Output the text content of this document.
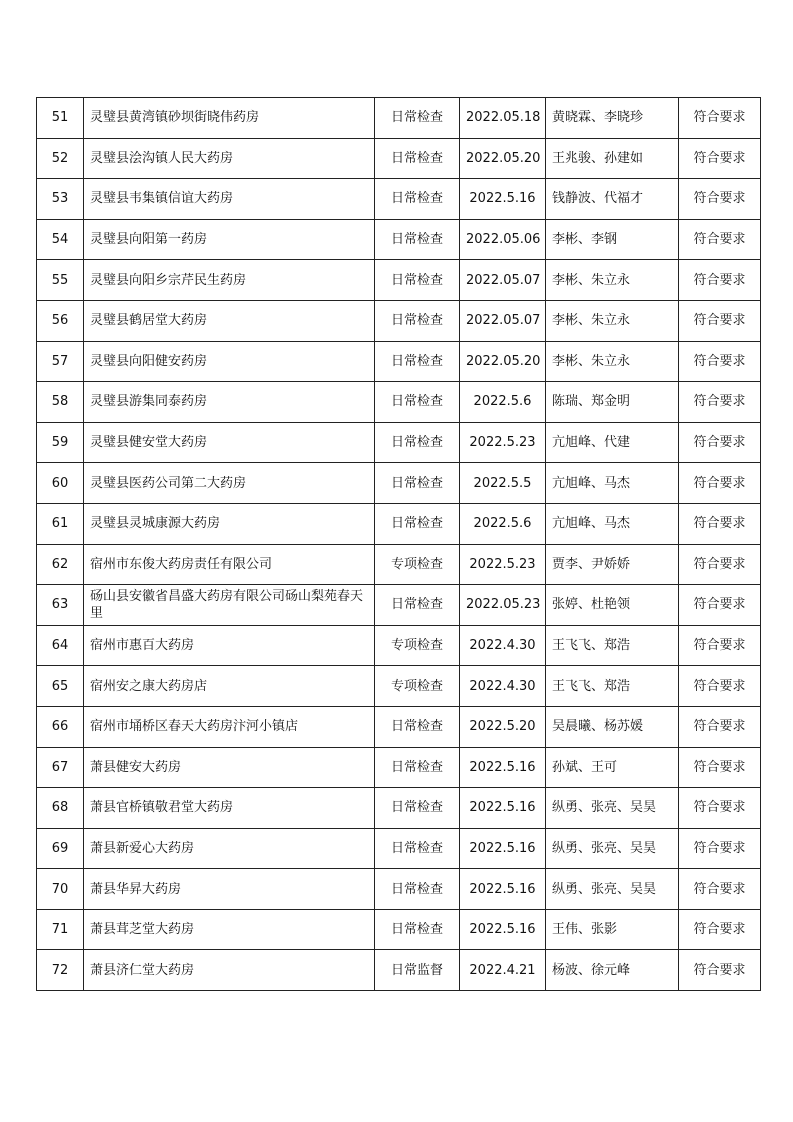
51	灵璧县黄湾镇砂坝街晓伟药房	日常检查	2022.05.18	黄晓霖、李晓珍	符合要求
52	灵璧县浍沟镇人民大药房	日常检查	2022.05.20	王兆骏、孙建如	符合要求
53	灵璧县韦集镇信谊大药房	日常检查	2022.5.16	钱静波、代福才	符合要求
54	灵璧县向阳第一药房	日常检查	2022.05.06	李彬、李钢	符合要求
55	灵璧县向阳乡宗芹民生药房	日常检查	2022.05.07	李彬、朱立永	符合要求
56	灵璧县鹤居堂大药房	日常检查	2022.05.07	李彬、朱立永	符合要求
57	灵璧县向阳健安药房	日常检查	2022.05.20	李彬、朱立永	符合要求
58	灵璧县游集同泰药房	日常检查	2022.5.6	陈瑞、郑金明	符合要求
59	灵璧县健安堂大药房	日常检查	2022.5.23	亢旭峰、代建	符合要求
60	灵璧县医药公司第二大药房	日常检查	2022.5.5	亢旭峰、马杰	符合要求
61	灵璧县灵城康源大药房	日常检查	2022.5.6	亢旭峰、马杰	符合要求
62	宿州市东俊大药房责任有限公司	专项检查	2022.5.23	贾李、尹娇娇	符合要求
63	砀山县安徽省昌盛大药房有限公司砀山梨苑春天里	日常检查	2022.05.23	张婷、杜艳领	符合要求
64	宿州市惠百大药房	专项检查	2022.4.30	王飞飞、郑浩	符合要求
65	宿州安之康大药房店	专项检查	2022.4.30	王飞飞、郑浩	符合要求
66	宿州市埇桥区春天大药房汴河小镇店	日常检查	2022.5.20	吴晨曦、杨苏媛	符合要求
67	萧县健安大药房	日常检查	2022.5.16	孙斌、王可	符合要求
68	萧县官桥镇敬君堂大药房	日常检查	2022.5.16	纵勇、张亮、吴昊	符合要求
69	萧县新爱心大药房	日常检查	2022.5.16	纵勇、张亮、吴昊	符合要求
70	萧县华昇大药房	日常检查	2022.5.16	纵勇、张亮、吴昊	符合要求
71	萧县茸芝堂大药房	日常检查	2022.5.16	王伟、张影	符合要求
72	萧县济仁堂大药房	日常监督	2022.4.21	杨波、徐元峰	符合要求
